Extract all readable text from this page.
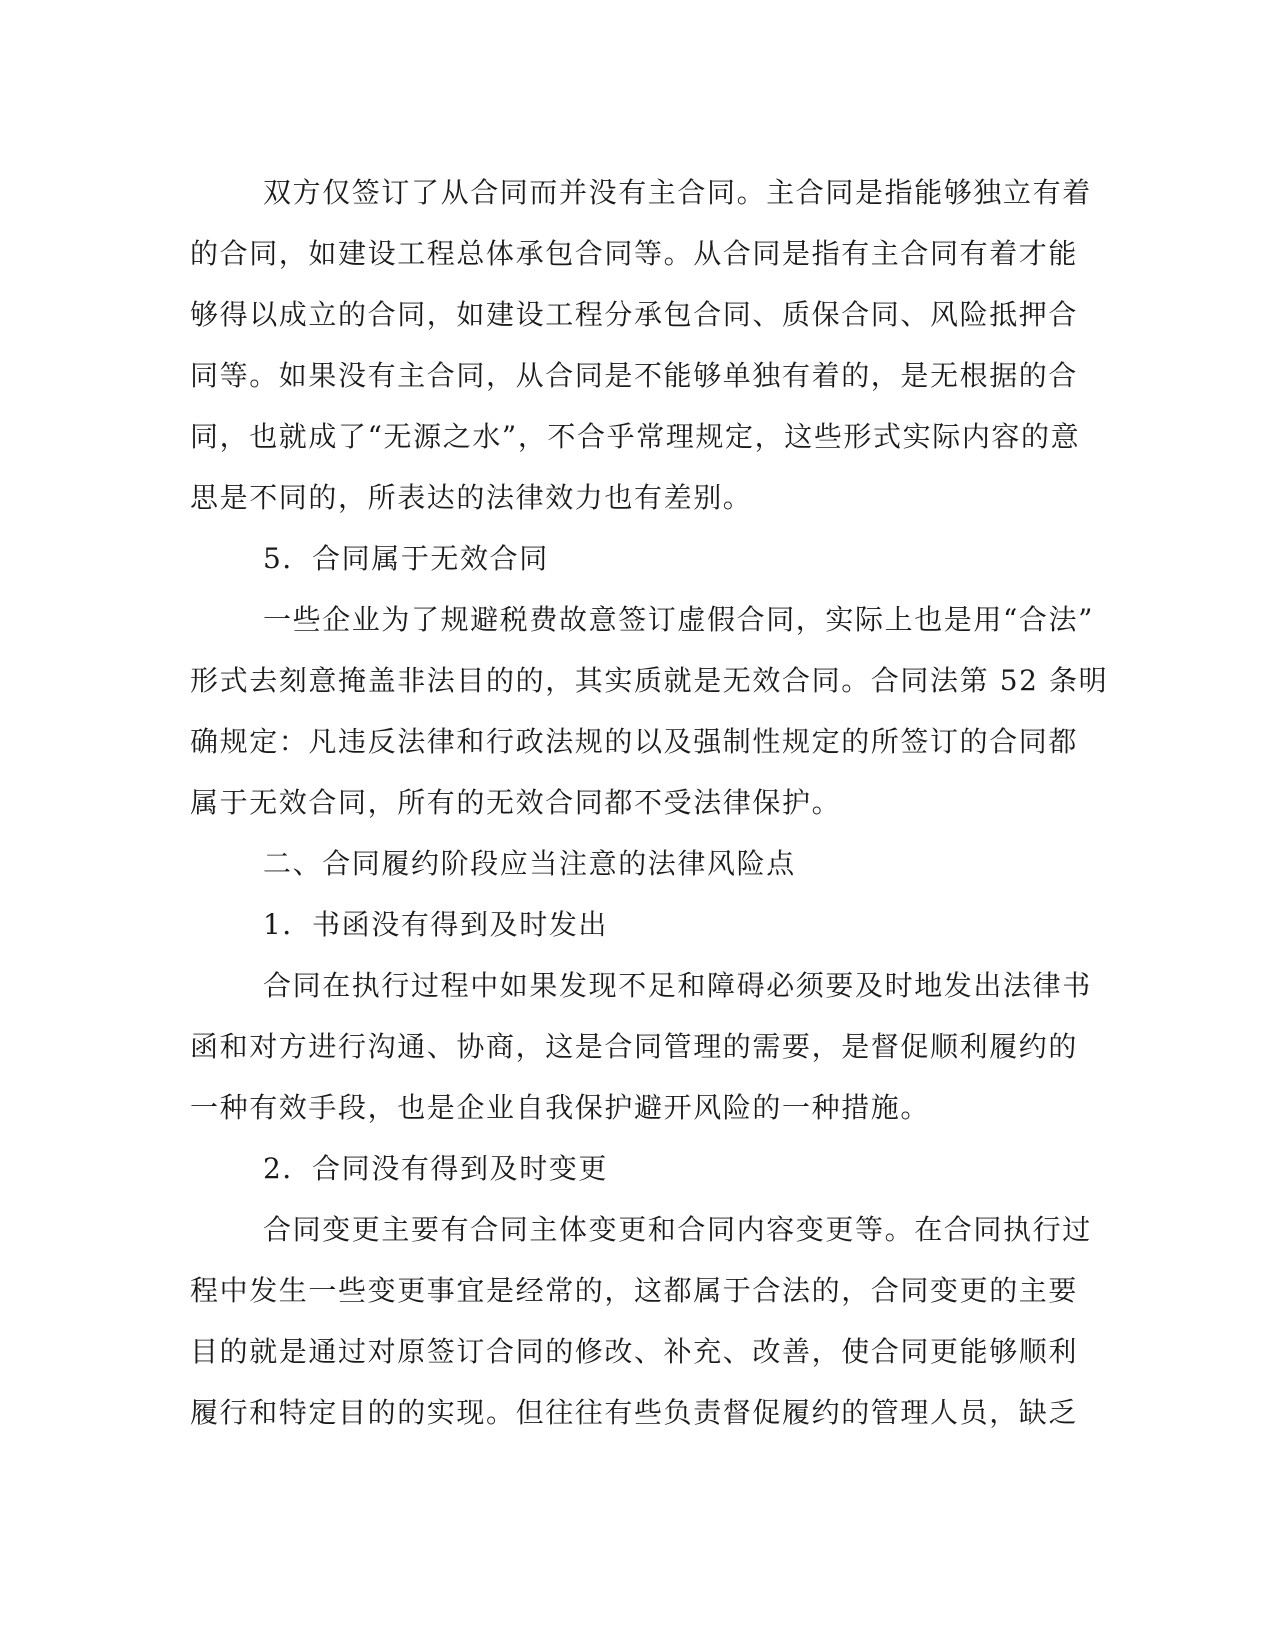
双方仅签订了从合同而并没有主合同。主合同是指能够独立有着
的合同，如建设工程总体承包合同等。从合同是指有主合同有着才能
够得以成立的合同，如建设工程分承包合同、质保合同、风险抵押合
同等。如果没有主合同，从合同是不能够单独有着的，是无根据的合
同，也就成了“无源之水”，不合乎常理规定，这些形式实际内容的意
思是不同的，所表达的法律效力也有差别。
5．合同属于无效合同
一些企业为了规避税费故意签订虚假合同，实际上也是用“合法”
形式去刻意掩盖非法目的的，其实质就是无效合同。合同法第 52 条明
确规定：凡违反法律和行政法规的以及强制性规定的所签订的合同都
属于无效合同，所有的无效合同都不受法律保护。
二、合同履约阶段应当注意的法律风险点
1．书函没有得到及时发出
合同在执行过程中如果发现不足和障碍必须要及时地发出法律书
函和对方进行沟通、协商，这是合同管理的需要，是督促顺利履约的
一种有效手段，也是企业自我保护避开风险的一种措施。
2．合同没有得到及时变更
合同变更主要有合同主体变更和合同内容变更等。在合同执行过
程中发生一些变更事宜是经常的，这都属于合法的，合同变更的主要
目的就是通过对原签订合同的修改、补充、改善，使合同更能够顺利
履行和特定目的的实现。但往往有些负责督促履约的管理人员，缺乏
